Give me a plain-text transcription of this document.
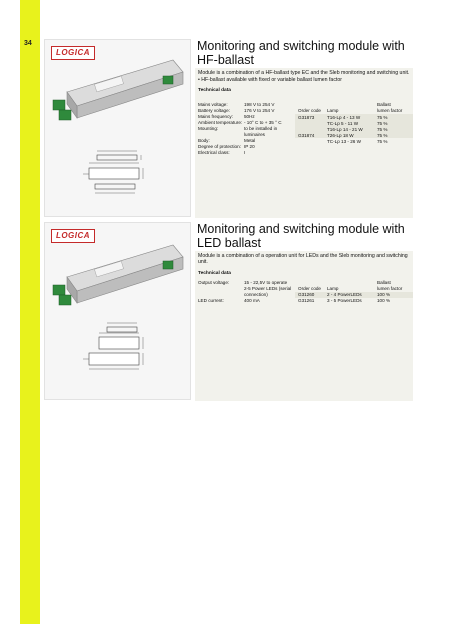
34
LOGICA	Monitoring and switching module with
HF-ballast
Module is a combination of a HF-ballast type EC and the Sleb monitoring and switching unit.
• HF-ballast available with fixed or variable ballast lumen factor
Technical data
Mains voltage:	198 V to 254 V
Battery voltage:	176 V to 254 V
Mains frequency: 50Hz
Ambient temperature: - 10° C to + 35 ° C
Mounting:	to be installed in
luminaires
Body:	Metal
Degree of protection: IP 20
Electrical class:	I
Ballast
Order code Lamp	lumen factor
G31873	T16-Lp 4 - 13 W	75 %
TC-Lp 5 - 11 W	75 %
T16-Lp 14 - 21 W	75 %
G31874	T26-Lp 18 W	75 %
TC-Lp 13 - 26 W	75 %
LOGICA	Monitoring and switching module with
LED ballast
Module is a combination of a operation unit for LEDs and the Sleb monitoring and switching unit.
Technical data
Output voltage:	15 - 22,5V to operate
2-5 Power LEDs (serial
connection)
LED current:	400 mA
Ballast
Order code Lamp	lumen factor
G31260	2 - 4 PowerLEDs	100 %
G31261	3 - 5 PowerLEDs	100 %
